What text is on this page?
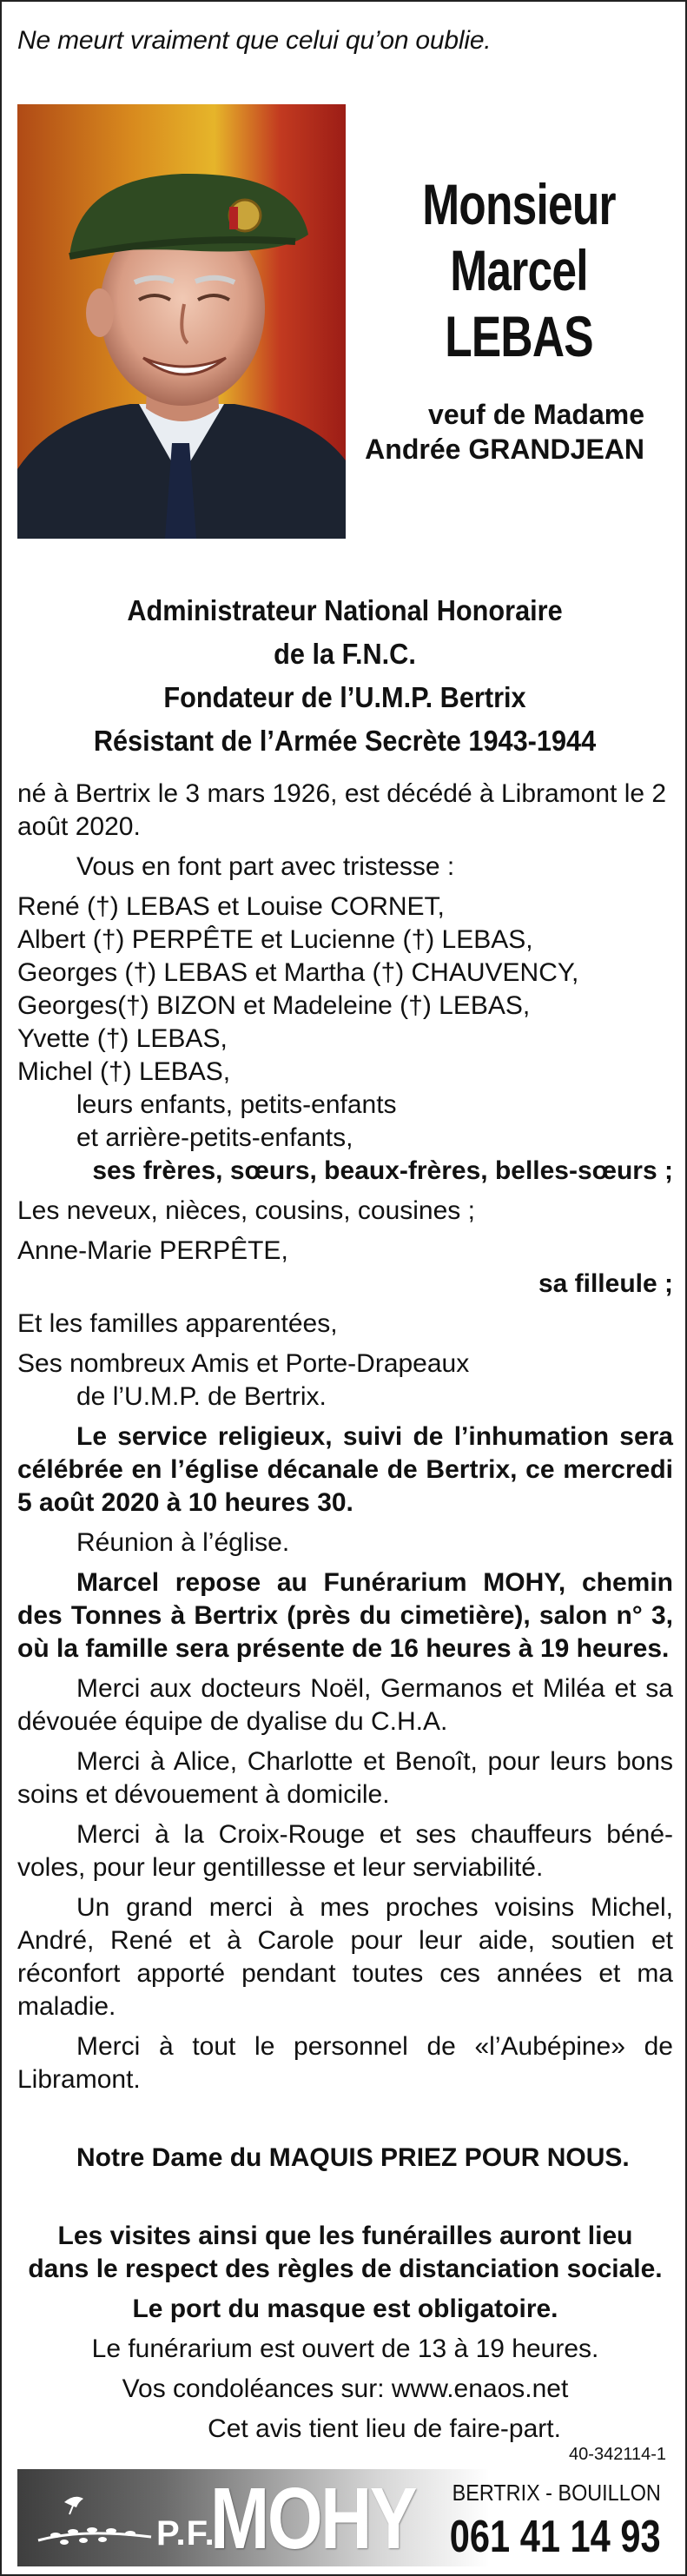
Ne meurt vraiment que celui qu’on oublie.
Monsieur
Marcel
LEBAS
veuf de Madame
Andrée GRANDJEAN
Administrateur National Honoraire
de la F.N.C.
Fondateur de l’U.M.P. Bertrix
Résistant de l’Armée Secrète 1943-1944

né à Bertrix le 3 mars 1926, est décédé à Libramont le 2 août 2020.

Vous en font part avec tristesse :

René (†) LEBAS et Louise CORNET,

Albert (†) PERPÊTE et Lucienne (†) LEBAS,

Georges (†) LEBAS et Martha (†) CHAUVENCY,

Georges(†) BIZON et Madeleine (†) LEBAS,

Yvette (†) LEBAS,

Michel (†) LEBAS,

leurs enfants, petits-enfants

et arrière-petits-enfants,

ses frères, sœurs, beaux-frères, belles-sœurs ;

Les neveux, nièces, cousins, cousines ;

Anne-Marie PERPÊTE,

sa filleule ;

Et les familles apparentées,

Ses nombreux Amis et Porte-Drapeaux

de l’U.M.P. de Bertrix.

Le service religieux, suivi de l’inhumation sera célébrée en l’église décanale de Bertrix, ce mercredi 5 août 2020 à 10 heures 30.

Réunion à l’église.

Marcel repose au Funérarium MOHY, chemin des Tonnes à Bertrix (près du cimetière), salon n° 3, où la famille sera présente de 16 heures à 19 heures.

Merci aux docteurs Noël, Germanos et Miléa et sa dévouée équipe de dyalise du C.H.A.

Merci à Alice, Charlotte et Benoît, pour leurs bons soins et dévouement à domicile.

Merci à la Croix-Rouge et ses chauffeurs bénévoles, pour leur gentillesse et leur serviabilité.

Un grand merci à mes proches voisins Michel, André, René et à Carole pour leur aide, soutien et réconfort apporté pendant toutes ces années et ma maladie.

Merci à tout le personnel de «l’Aubépine» de Libramont.

Notre Dame du MAQUIS PRIEZ POUR NOUS.

Les visites ainsi que les funérailles auront lieu

dans le respect des règles de distanciation sociale.

Le port du masque est obligatoire.

Le funérarium est ouvert de 13 à 19 heures.

Vos condoléances sur: www.enaos.net

Cet avis tient lieu de faire-part.

40-342114-1
P.F.
MOHY BERTRIX - BOUILLON
061 41 14 93
